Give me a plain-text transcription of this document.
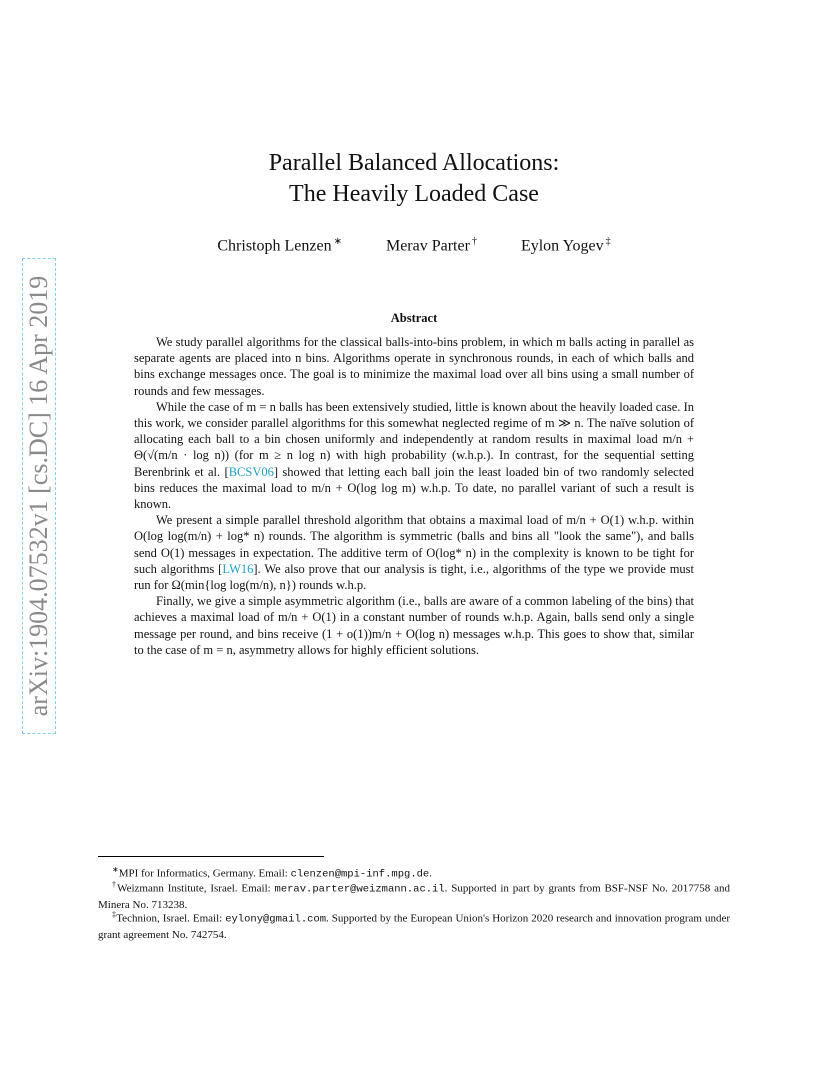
arXiv:1904.07532v1 [cs.DC] 16 Apr 2019
Parallel Balanced Allocations:
The Heavily Loaded Case
Christoph Lenzen ∗	Merav Parter †	Eylon Yogev ‡
Abstract

We study parallel algorithms for the classical balls-into-bins problem, in which m balls acting in parallel as separate agents are placed into n bins. Algorithms operate in synchronous rounds, in each of which balls and bins exchange messages once. The goal is to minimize the maximal load over all bins using a small number of rounds and few messages.

While the case of m = n balls has been extensively studied, little is known about the heavily loaded case. In this work, we consider parallel algorithms for this somewhat neglected regime of m ≫ n. The naïve solution of allocating each ball to a bin chosen uniformly and independently at random results in maximal load m/n + Θ(√(m/n · log n)) (for m ≥ n log n) with high probability (w.h.p.). In contrast, for the sequential setting Berenbrink et al. [BCSV06] showed that letting each ball join the least loaded bin of two randomly selected bins reduces the maximal load to m/n + O(log log m) w.h.p. To date, no parallel variant of such a result is known.

We present a simple parallel threshold algorithm that obtains a maximal load of m/n + O(1) w.h.p. within O(log log(m/n) + log* n) rounds. The algorithm is symmetric (balls and bins all "look the same"), and balls send O(1) messages in expectation. The additive term of O(log* n) in the complexity is known to be tight for such algorithms [LW16]. We also prove that our analysis is tight, i.e., algorithms of the type we provide must run for Ω(min{log log(m/n), n}) rounds w.h.p.

Finally, we give a simple asymmetric algorithm (i.e., balls are aware of a common labeling of the bins) that achieves a maximal load of m/n + O(1) in a constant number of rounds w.h.p. Again, balls send only a single message per round, and bins receive (1 + o(1))m/n + O(log n) messages w.h.p. This goes to show that, similar to the case of m = n, asymmetry allows for highly efficient solutions.

∗MPI for Informatics, Germany. Email: clenzen@mpi-inf.mpg.de.

†Weizmann Institute, Israel. Email: merav.parter@weizmann.ac.il. Supported in part by grants from BSF-NSF No. 2017758 and Minera No. 713238.

‡Technion, Israel. Email: eylony@gmail.com. Supported by the European Union's Horizon 2020 research and innovation program under grant agreement No. 742754.
